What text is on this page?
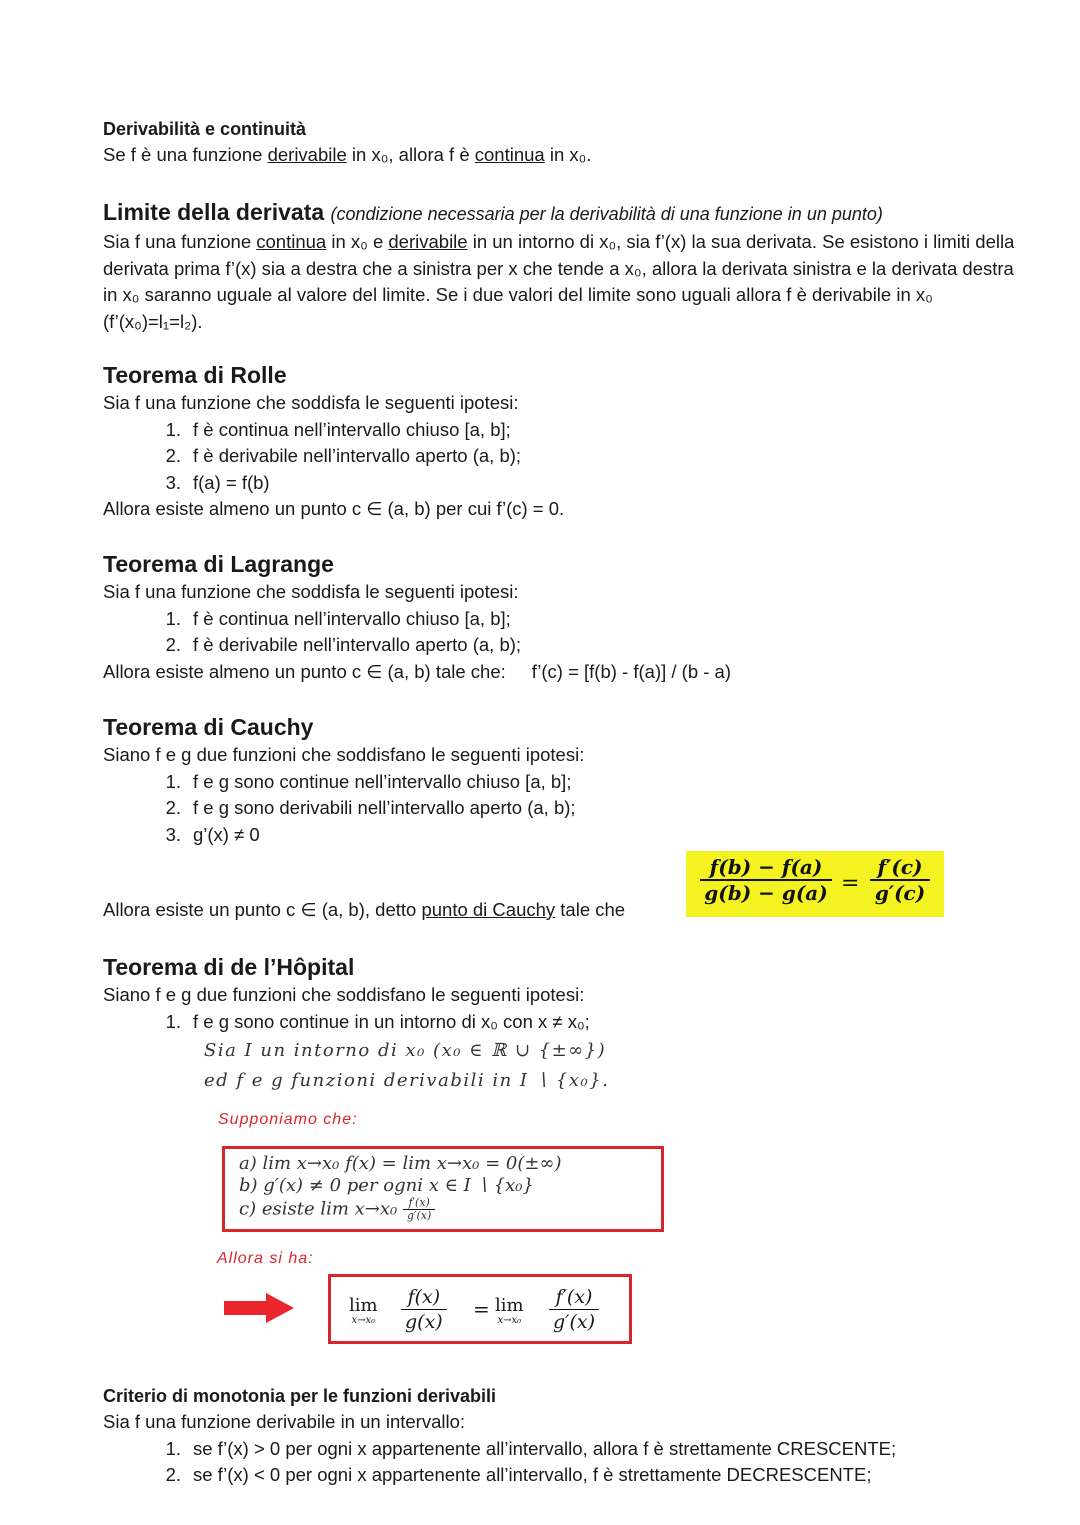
Derivabilità e continuità
Se f è una funzione derivabile in x₀, allora f è continua in x₀.
Limite della derivata (condizione necessaria per la derivabilità di una funzione in un punto)
Sia f una funzione continua in x₀ e derivabile in un intorno di x₀, sia f’(x) la sua derivata. Se esistono i limiti della derivata prima f’(x) sia a destra che a sinistra per x che tende a x₀, allora la derivata sinistra e la derivata destra in x₀ saranno uguale al valore del limite. Se i due valori del limite sono uguali allora f è derivabile in x₀ (f’(x₀)=l₁=l₂).
Teorema di Rolle
Sia f una funzione che soddisfa le seguenti ipotesi:
1. f è continua nell’intervallo chiuso [a, b];
2. f è derivabile nell’intervallo aperto (a, b);
3. f(a) = f(b)
Allora esiste almeno un punto c ∈ (a, b) per cui f’(c) = 0.
Teorema di Lagrange
Sia f una funzione che soddisfa le seguenti ipotesi:
1. f è continua nell’intervallo chiuso [a, b];
2. f è derivabile nell’intervallo aperto (a, b);
Allora esiste almeno un punto c ∈ (a, b) tale che: f’(c) = [f(b) - f(a)] / (b - a)
Teorema di Cauchy
Siano f e g due funzioni che soddisfano le seguenti ipotesi:
1. f e g sono continue nell’intervallo chiuso [a, b];
2. f e g sono derivabili nell’intervallo aperto (a, b);
3. g’(x) ≠ 0
Allora esiste un punto c ∈ (a, b), detto punto di Cauchy tale che
$\frac{f(b) - f(a)}{g(b) - g(a)} = \frac{f'(c)}{g'(c)}$
Teorema di de l’Hôpital
Siano f e g due funzioni che soddisfano le seguenti ipotesi:
1. f e g sono continue in un intorno di x₀ con x ≠ x₀;
Sia I un intorno di x₀ (x₀ ∈ ℝ ∪ {±∞})
ed f e g funzioni derivabili in I ∖ {x₀}.
Supponiamo che:
a) lim x→x₀ f(x) = lim x→x₀ = 0(±∞)
b) g′(x) ≠ 0 per ogni x ∈ I ∖ {x₀}
c) esiste $\lim x\to x_0 \frac{f'(x)}{g'(x)}$
Allora si ha:
lim
$x\to x_0 \frac{f(x)}{g(x)} = \lim$
$x\to x_0 \frac{f'(x)}{g'(x)}$
Criterio di monotonia per le funzioni derivabili
Sia f una funzione derivabile in un intervallo:
1. se f’(x) > 0 per ogni x appartenente all’intervallo, allora f è strettamente CRESCENTE;
2. se f’(x) < 0 per ogni x appartenente all’intervallo, f è strettamente DECRESCENTE;
